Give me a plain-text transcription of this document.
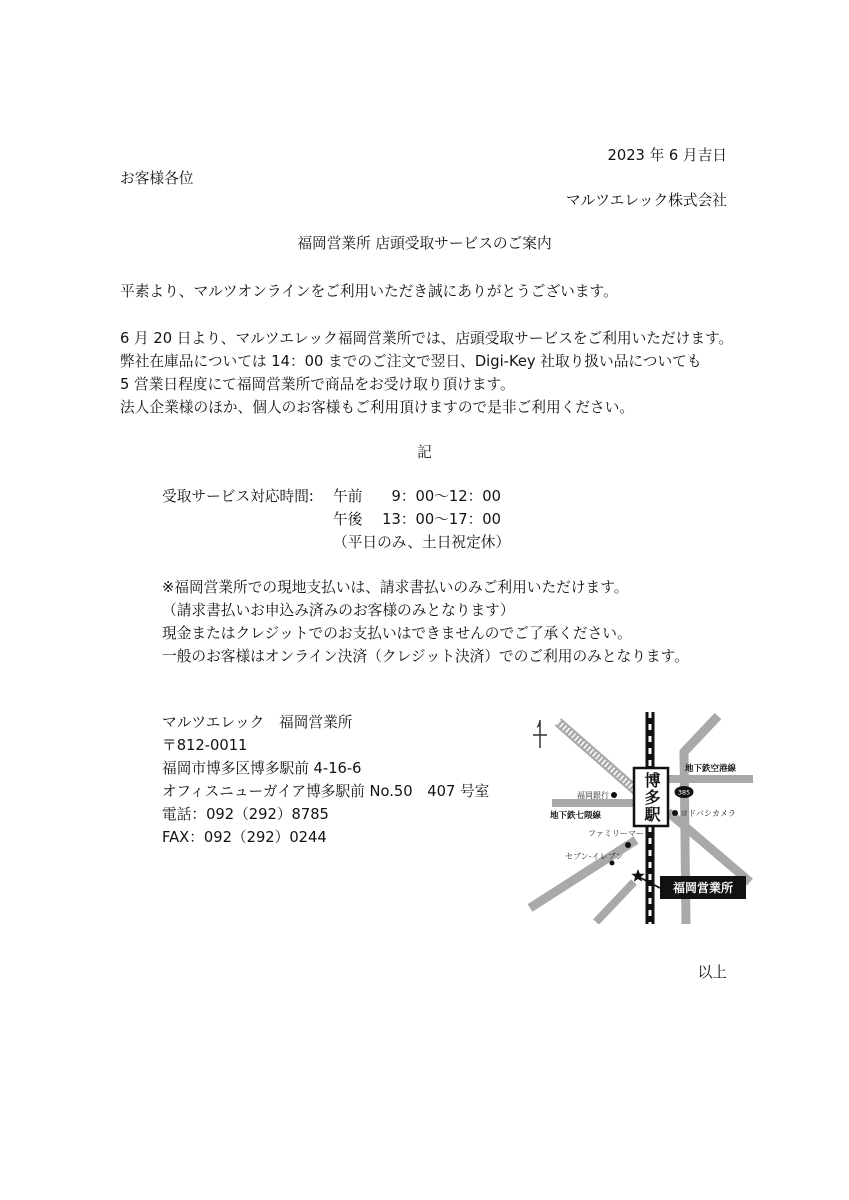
2023 年 6 月吉日
お客様各位
マルツエレック株式会社
福岡営業所 店頭受取サービスのご案内
平素より、マルツオンラインをご利用いただき誠にありがとうございます。
6 月 20 日より、マルツエレック福岡営業所では、店頭受取サービスをご利用いただけます。
弊社在庫品については 14：00 までのご注文で翌日、Digi-Key 社取り扱い品についても
5 営業日程度にて福岡営業所で商品をお受け取り頂けます。
法人企業様のほか、個人のお客様もご利用頂けますので是非ご利用ください。
記
受取サービス対応時間: 午前 9：00～12：00
午後 13：00～17：00
（平日のみ、土日祝定休）
※福岡営業所での現地支払いは、請求書払いのみご利用いただけます。
（請求書払いお申込み済みのお客様のみとなります）
現金またはクレジットでのお支払いはできませんのでご了承ください。
一般のお客様はオンライン決済（クレジット決済）でのご利用のみとなります。
マルツエレック　福岡営業所
〒812-0011
福岡市博多区博多駅前 4-16-6
オフィスニューガイア博多駅前 No.50　407 号室
電話：092（292）8785
FAX：092（292）0244
385
福岡銀行
地下鉄七隈線
地下鉄空港線
ヨドバシカメラ
ファミリーマート
セブン-イレブン
福岡営業所
博多駅
以上
